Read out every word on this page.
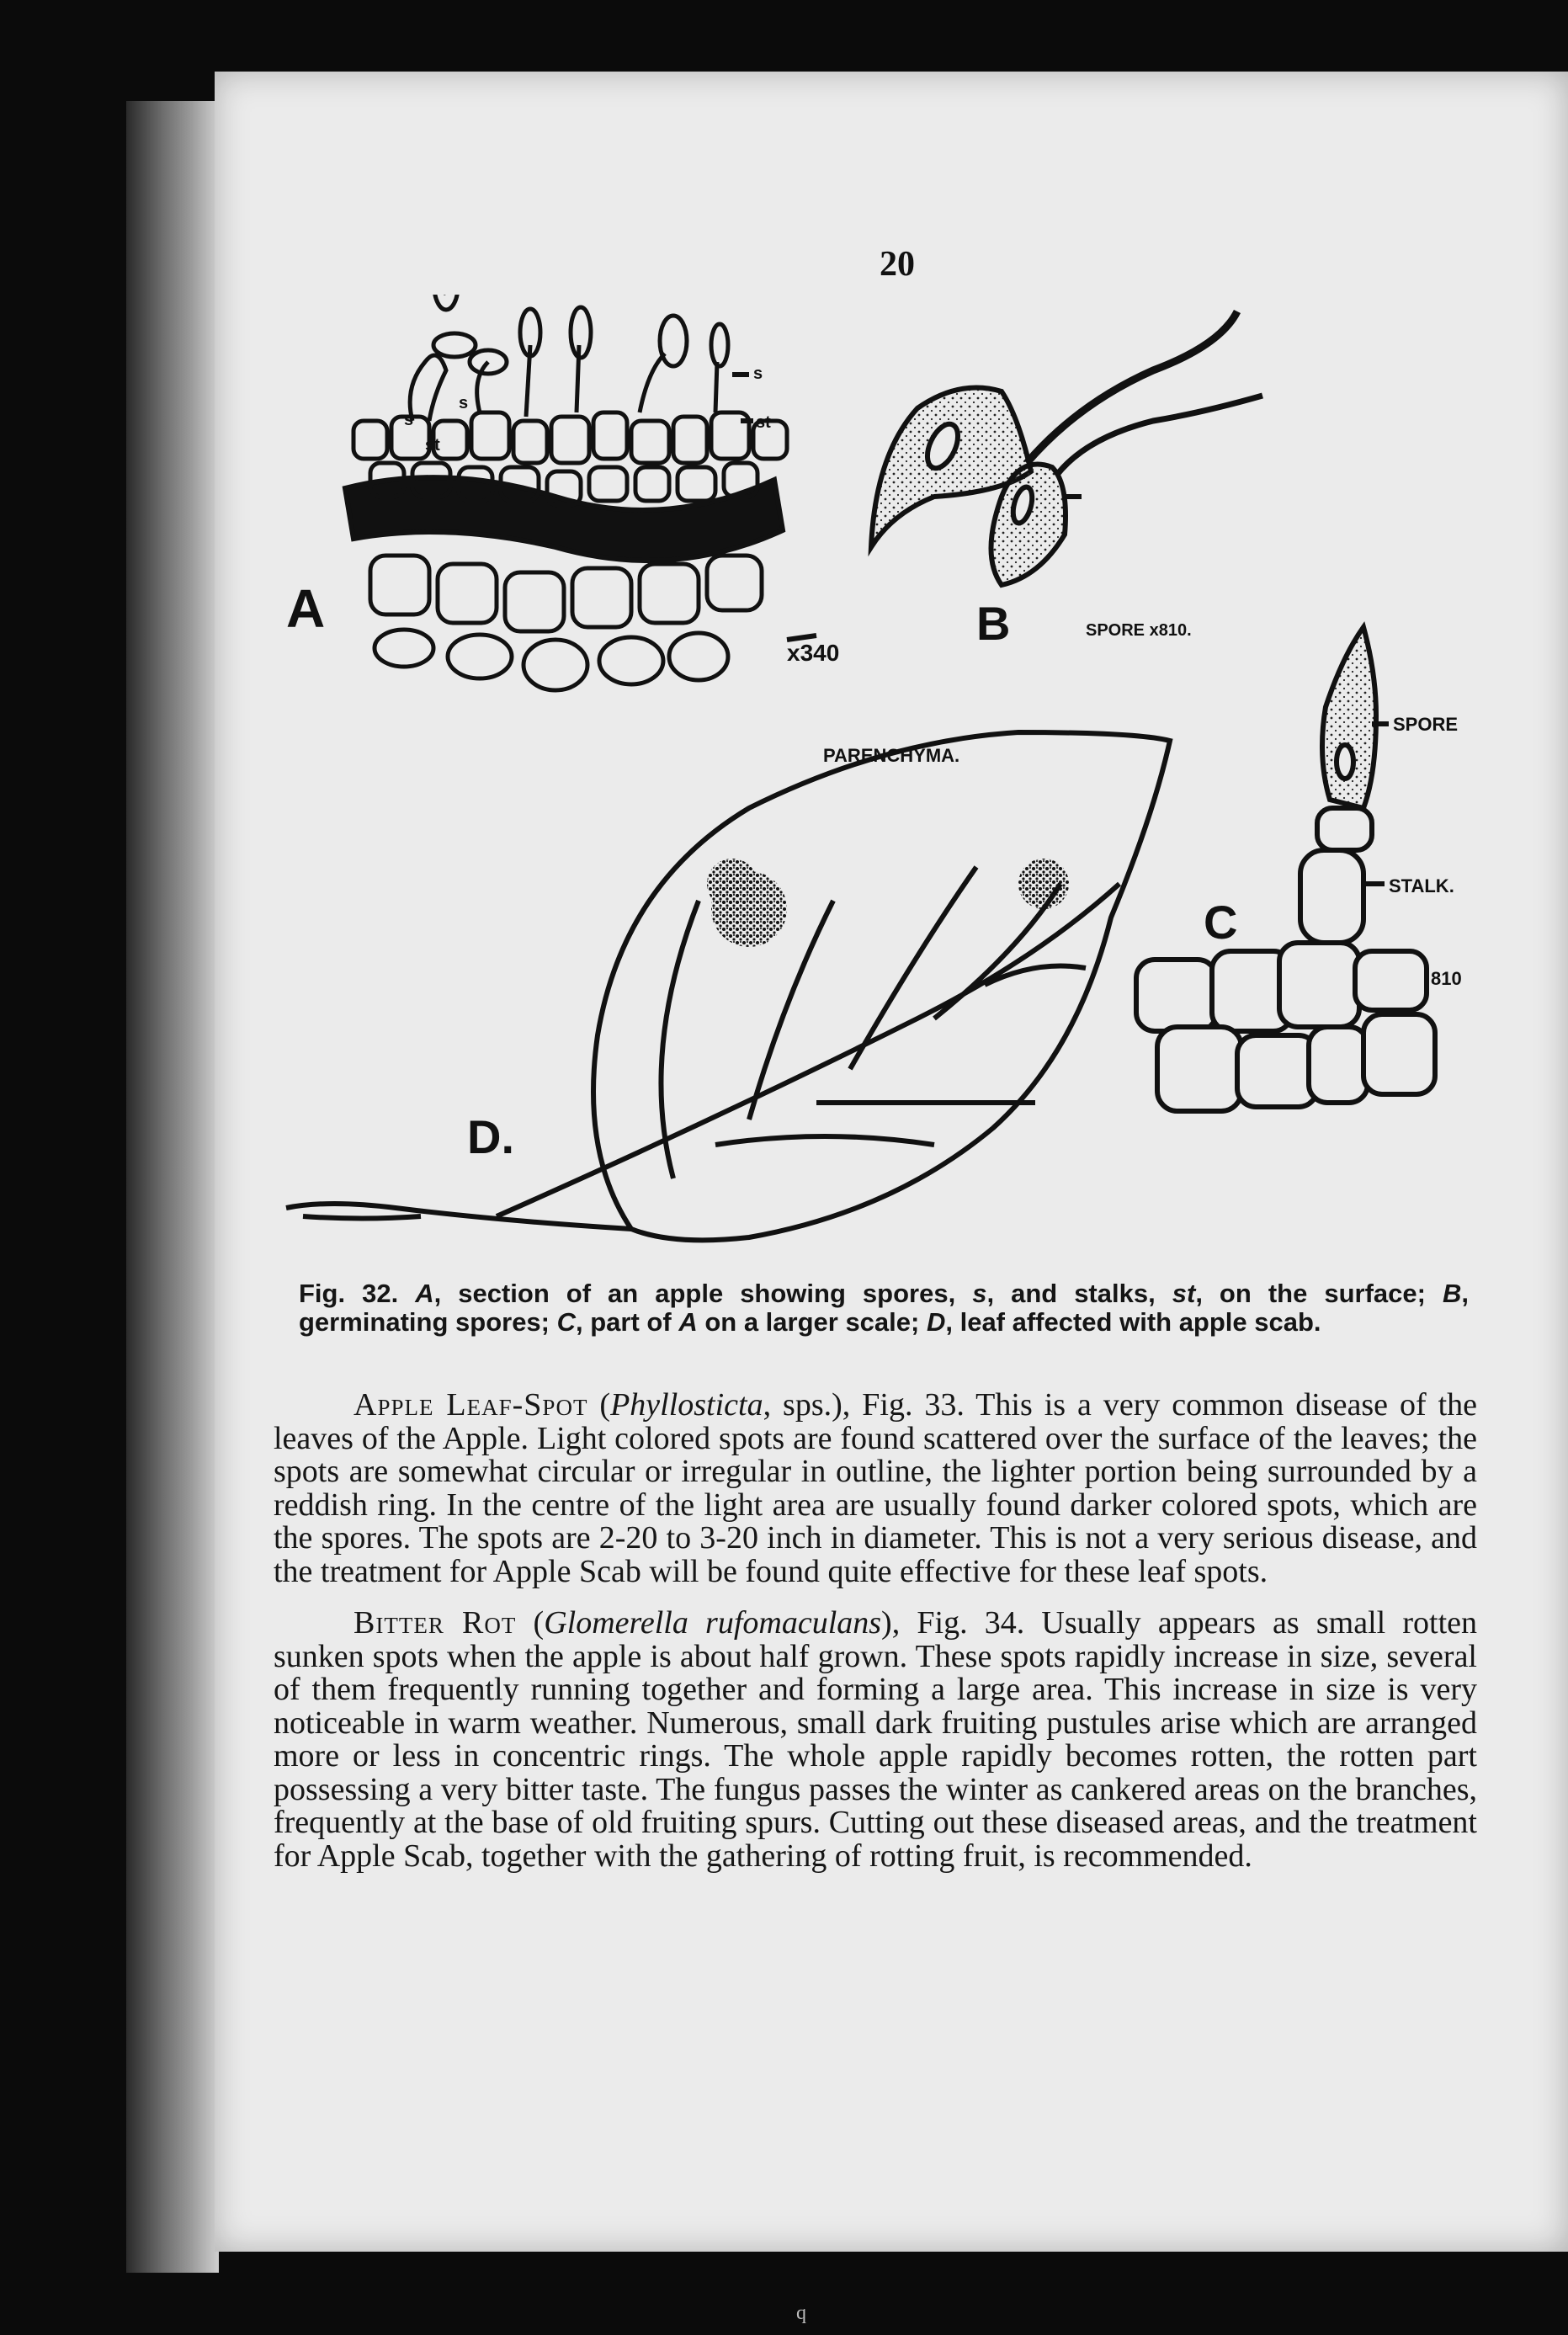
20
A
s
st
s
s
st
x340
PARENCHYMA.
B	SPORE x810.
D.
C
SPORE
STALK.
810
Fig. 32. A, section of an apple showing spores, s, and stalks, st, on the surface; B, germinating spores; C, part of A on a larger scale; D, leaf affected with apple scab.

Apple Leaf-Spot (Phyllosticta, sps.), Fig. 33. This is a very common disease of the leaves of the Apple. Light colored spots are found scattered over the surface of the leaves; the spots are somewhat circular or irregular in outline, the lighter portion being surrounded by a reddish ring. In the centre of the light area are usually found darker colored spots, which are the spores. The spots are 2-20 to 3-20 inch in diameter. This is not a very serious disease, and the treatment for Apple Scab will be found quite effective for these leaf spots.

Bitter Rot (Glomerella rufomaculans), Fig. 34. Usually appears as small rotten sunken spots when the apple is about half grown. These spots rapidly increase in size, several of them frequently running together and forming a large area. This increase in size is very noticeable in warm weather. Numerous, small dark fruiting pustules arise which are arranged more or less in concentric rings. The whole apple rapidly becomes rotten, the rotten part possessing a very bitter taste. The fungus passes the winter as cankered areas on the branches, frequently at the base of old fruiting spurs. Cutting out these diseased areas, and the treatment for Apple Scab, together with the gathering of rotting fruit, is recommended.

q
